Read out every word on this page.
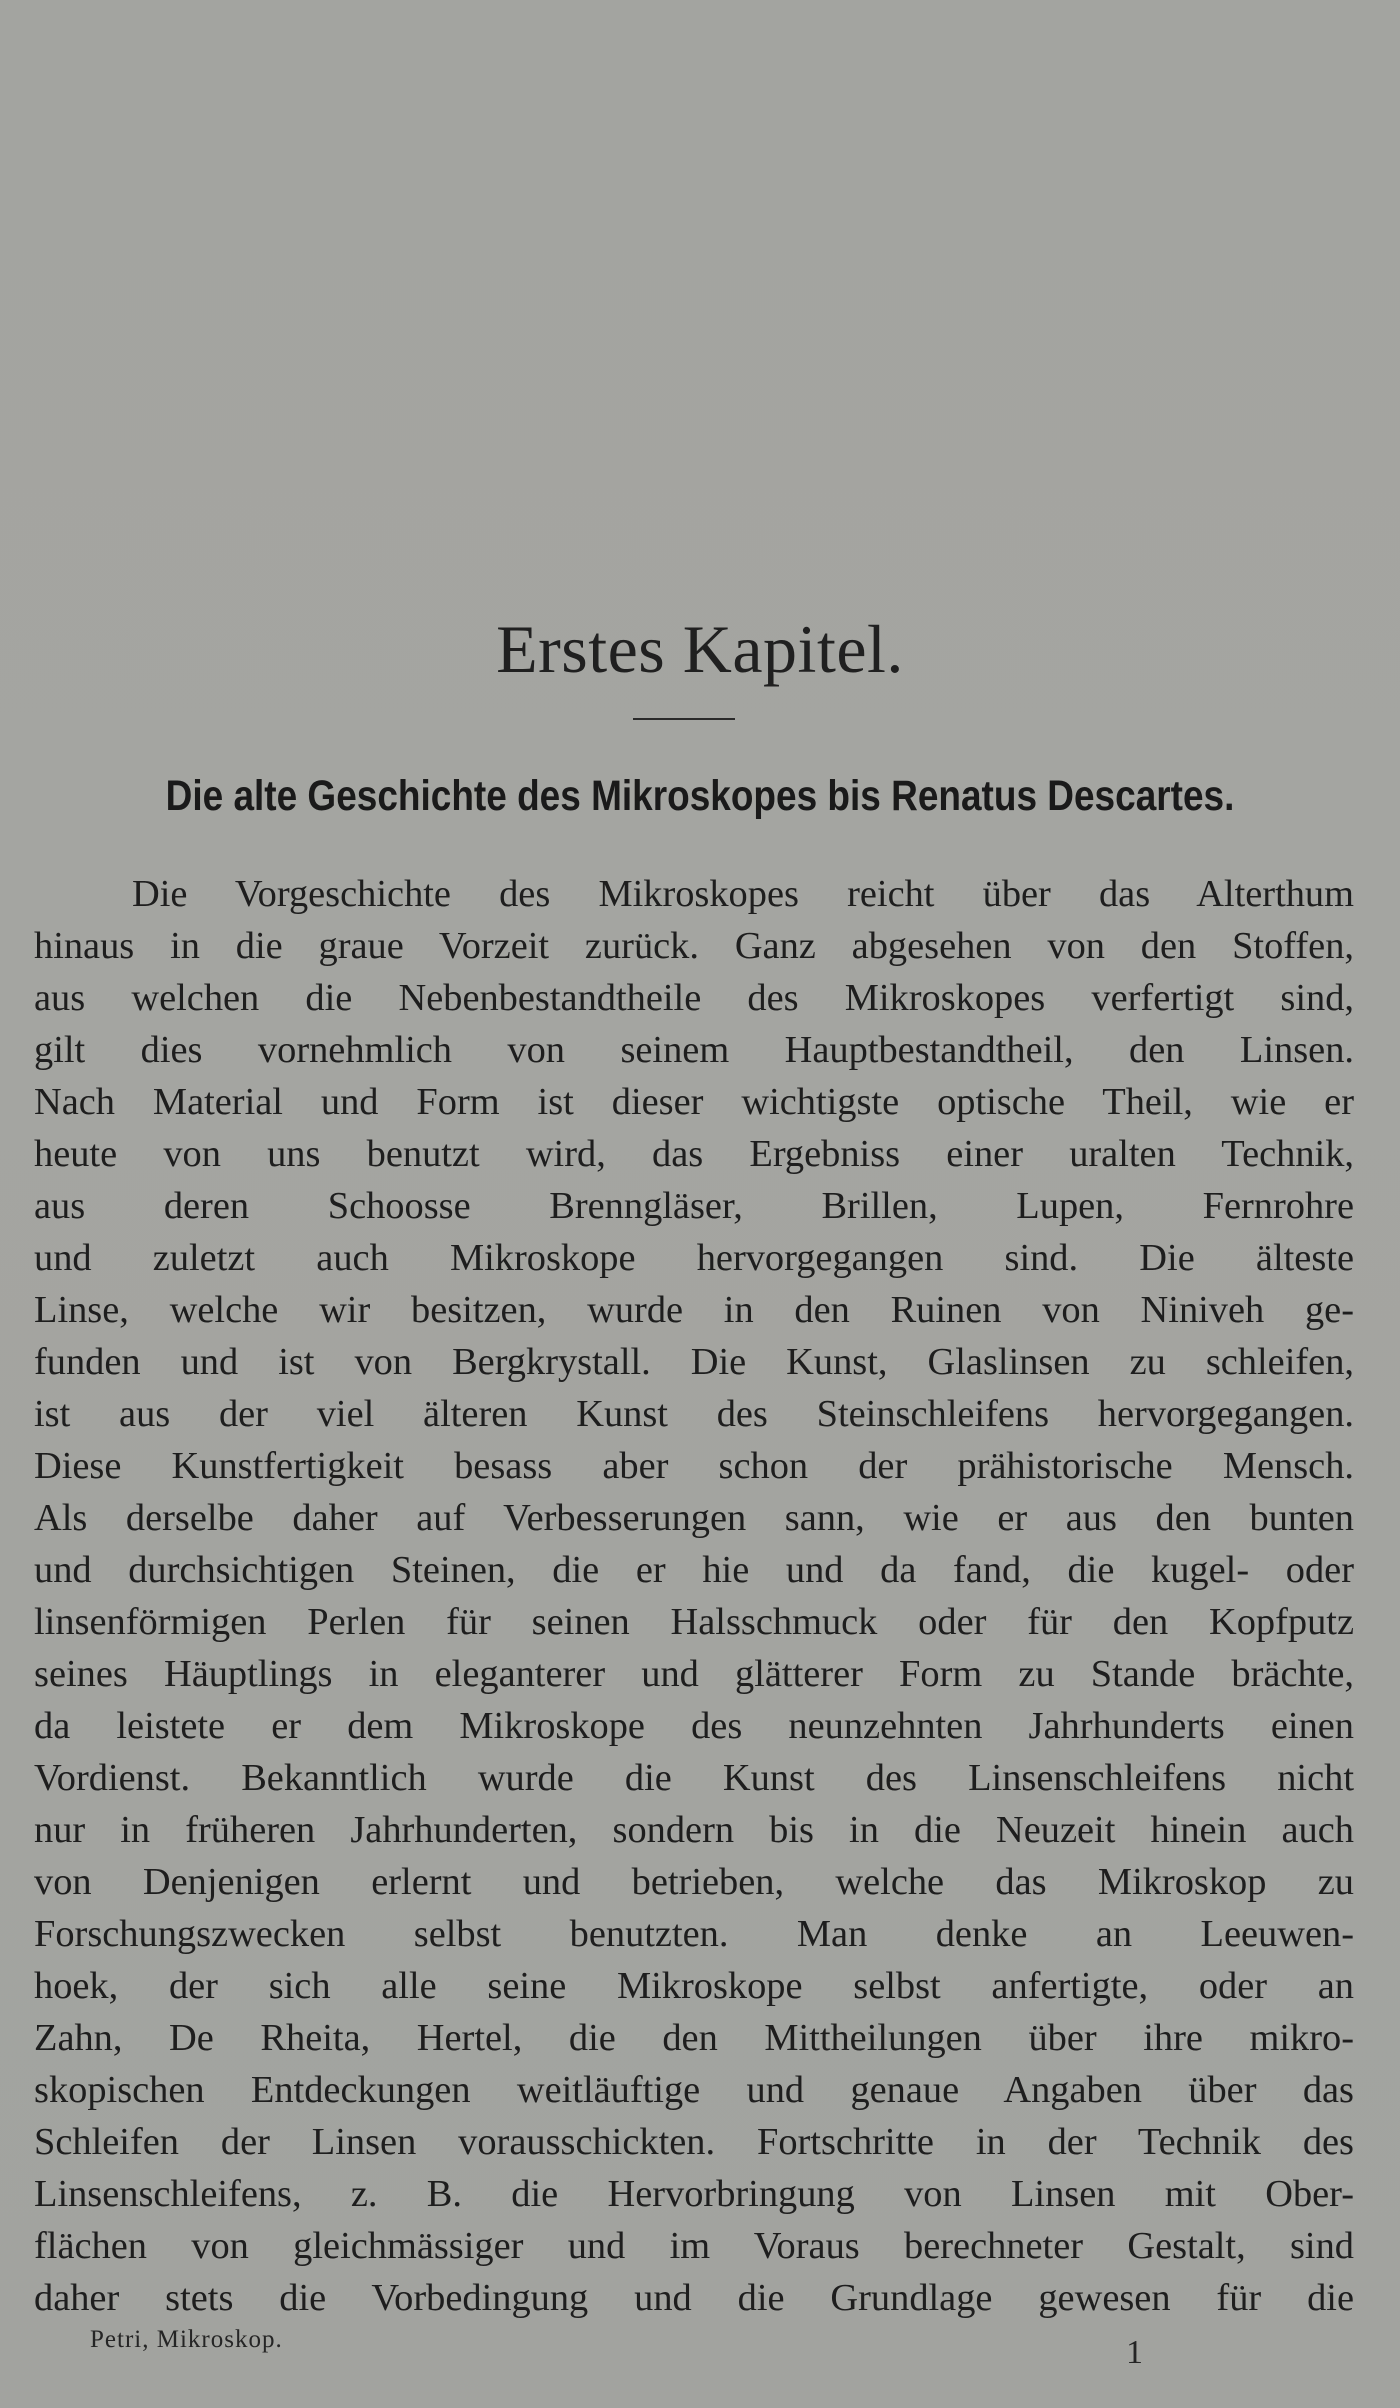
Erstes Kapitel.
Die alte Geschichte des Mikroskopes bis Renatus Descartes.
Die Vorgeschichte des Mikroskopes reicht über das Alterthum
hinaus in die graue Vorzeit zurück. Ganz abgesehen von den Stoffen,
aus welchen die Nebenbestandtheile des Mikroskopes verfertigt sind,
gilt dies vornehmlich von seinem Hauptbestandtheil, den Linsen.
Nach Material und Form ist dieser wichtigste optische Theil, wie er
heute von uns benutzt wird, das Ergebniss einer uralten Technik,
aus deren Schoosse Brenngläser, Brillen, Lupen, Fernrohre
und zuletzt auch Mikroskope hervorgegangen sind. Die älteste
Linse, welche wir besitzen, wurde in den Ruinen von Niniveh ge-
funden und ist von Bergkrystall. Die Kunst, Glaslinsen zu schleifen,
ist aus der viel älteren Kunst des Steinschleifens hervorgegangen.
Diese Kunstfertigkeit besass aber schon der prähistorische Mensch.
Als derselbe daher auf Verbesserungen sann, wie er aus den bunten
und durchsichtigen Steinen, die er hie und da fand, die kugel- oder
linsenförmigen Perlen für seinen Halsschmuck oder für den Kopfputz
seines Häuptlings in eleganterer und glätterer Form zu Stande brächte,
da leistete er dem Mikroskope des neunzehnten Jahrhunderts einen
Vordienst. Bekanntlich wurde die Kunst des Linsenschleifens nicht
nur in früheren Jahrhunderten, sondern bis in die Neuzeit hinein auch
von Denjenigen erlernt und betrieben, welche das Mikroskop zu
Forschungszwecken selbst benutzten. Man denke an Leeuwen-
hoek, der sich alle seine Mikroskope selbst anfertigte, oder an
Zahn, De Rheita, Hertel, die den Mittheilungen über ihre mikro-
skopischen Entdeckungen weitläuftige und genaue Angaben über das
Schleifen der Linsen vorausschickten. Fortschritte in der Technik des
Linsenschleifens, z. B. die Hervorbringung von Linsen mit Ober-
flächen von gleichmässiger und im Voraus berechneter Gestalt, sind
daher stets die Vorbedingung und die Grundlage gewesen für die
Petri, Mikroskop.	1
